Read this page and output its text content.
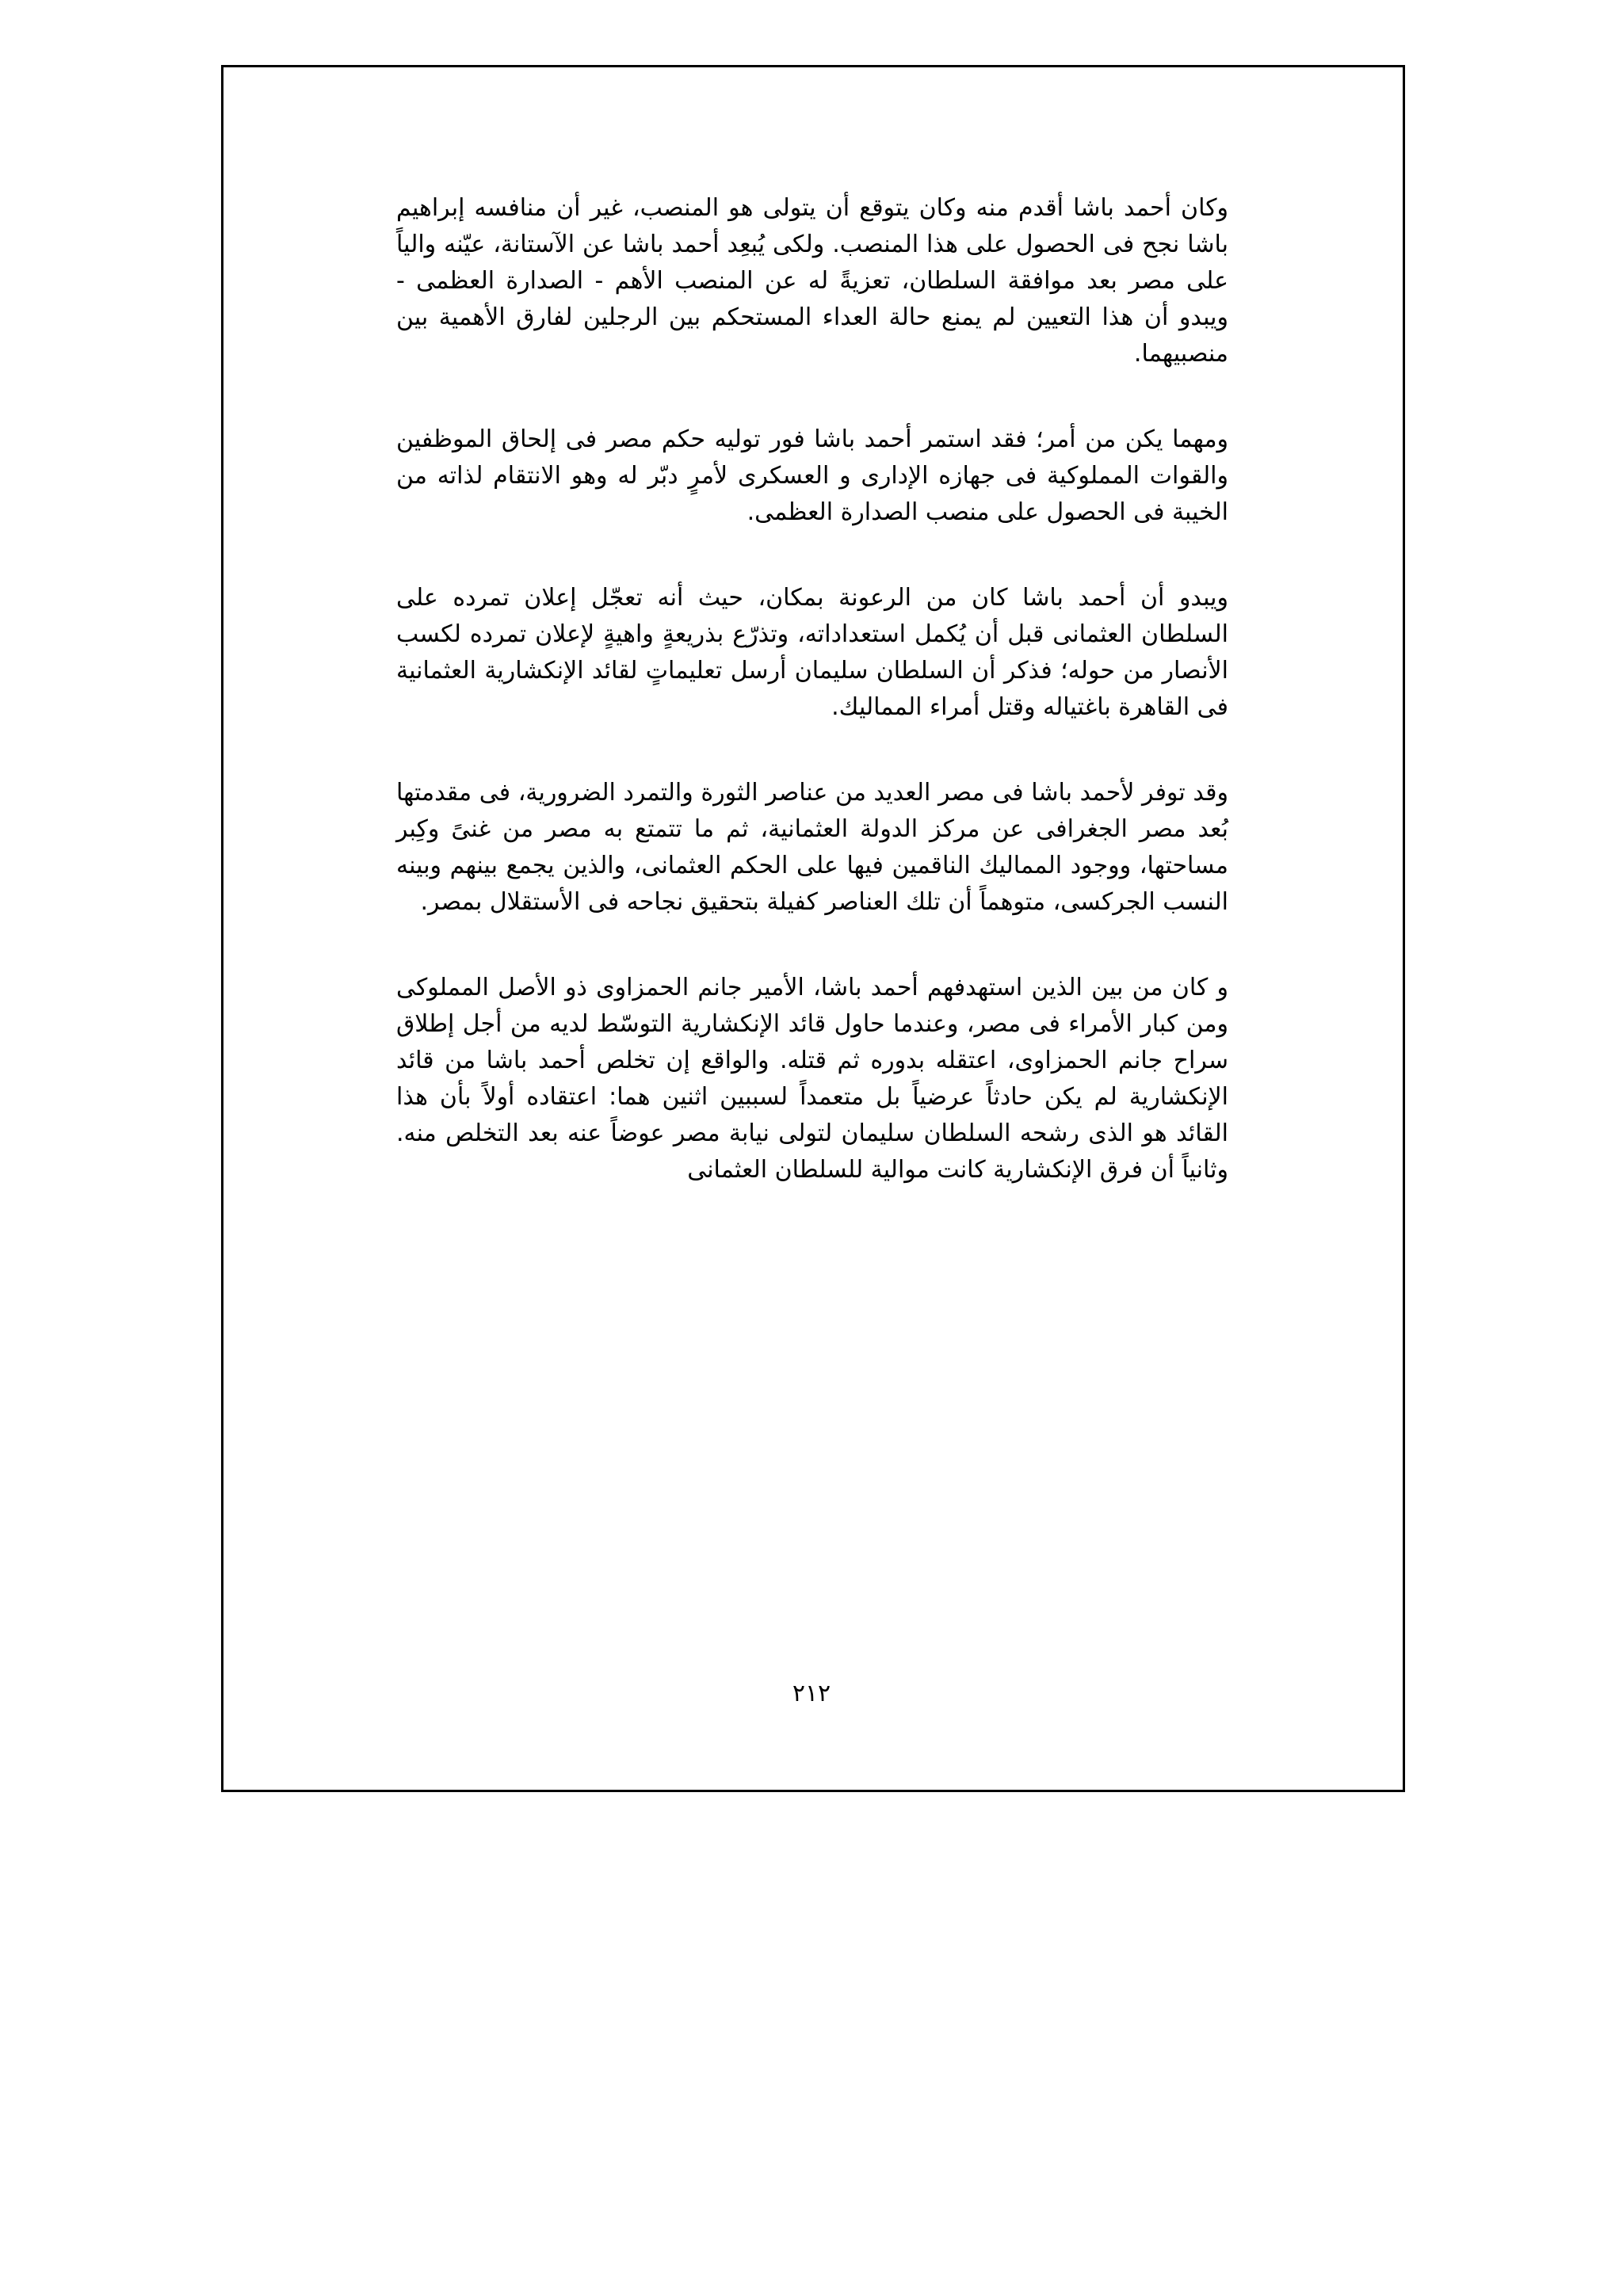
وكان أحمد باشا أقدم منه وكان يتوقع أن يتولى هو المنصب، غير أن منافسه إبراهيم باشا نجح فى الحصول على هذا المنصب. ولكى يُبعِد أحمد باشا عن الآستانة، عيّنه والياً على مصر بعد موافقة السلطان، تعزيةً له عن المنصب الأهم - الصدارة العظمى - ويبدو أن هذا التعيين لم يمنع حالة العداء المستحكم بين الرجلين لفارق الأهمية بين منصبيهما.

ومهما يكن من أمر؛ فقد استمر أحمد باشا فور توليه حكم مصر فى إلحاق الموظفين والقوات المملوكية فى جهازه الإدارى و العسكرى لأمرٍ دبّر له وهو الانتقام لذاته من الخيبة فى الحصول على منصب الصدارة العظمى.

ويبدو أن أحمد باشا كان من الرعونة بمكان، حيث أنه تعجّل إعلان تمرده على السلطان العثمانى قبل أن يُكمل استعداداته، وتذرّع بذريعةٍ واهيةٍ لإعلان تمرده لكسب الأنصار من حوله؛ فذكر أن السلطان سليمان أرسل تعليماتٍ لقائد الإنكشارية العثمانية فى القاهرة باغتياله وقتل أمراء المماليك.

وقد توفر لأحمد باشا فى مصر العديد من عناصر الثورة والتمرد الضرورية، فى مقدمتها بُعد مصر الجغرافى عن مركز الدولة العثمانية، ثم ما تتمتع به مصر من غنىً وكِبر مساحتها، ووجود المماليك الناقمين فيها على الحكم العثمانى، والذين يجمع بينهم وبينه النسب الجركسى، متوهماً أن تلك العناصر كفيلة بتحقيق نجاحه فى الأستقلال بمصر.

و كان من بين الذين استهدفهم أحمد باشا، الأمير جانم الحمزاوى ذو الأصل المملوكى ومن كبار الأمراء فى مصر، وعندما حاول قائد الإنكشارية التوسّط لديه من أجل إطلاق سراح جانم الحمزاوى، اعتقله بدوره ثم قتله. والواقع إن تخلص أحمد باشا من قائد الإنكشارية لم يكن حادثاً عرضياً بل متعمداً لسببين اثنين هما: اعتقاده أولاً بأن هذا القائد هو الذى رشحه السلطان سليمان لتولى نيابة مصر عوضاً عنه بعد التخلص منه. وثانياً أن فرق الإنكشارية كانت موالية للسلطان العثمانى

٢١٢
